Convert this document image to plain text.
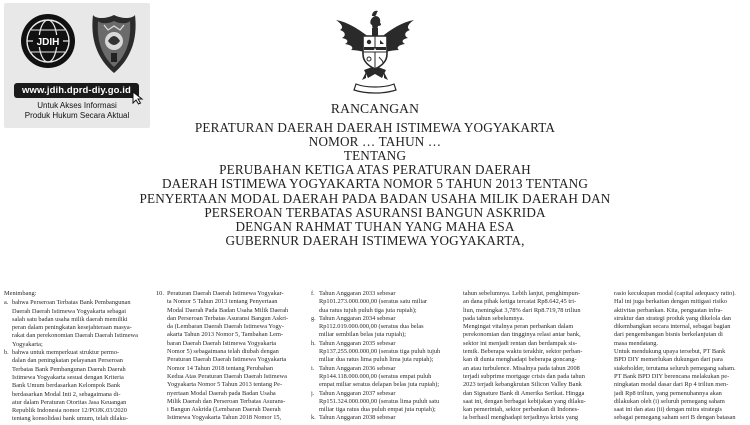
JDIH
www.jdih.dprd-diy.go.id
Untuk Akses Informasi
Produk Hukum Secara Aktual	RANCANGAN
PERATURAN DAERAH DAERAH ISTIMEWA YOGYAKARTA
NOMOR … TAHUN …
TENTANG
PERUBAHAN KETIGA ATAS PERATURAN DAERAH
DAERAH ISTIMEWA YOGYAKARTA NOMOR 5 TAHUN 2013 TENTANG
PENYERTAAN MODAL DAERAH PADA BADAN USAHA MILIK DAERAH DAN
PERSEROAN TERBATAS ASURANSI BANGUN ASKRIDA
DENGAN RAHMAT TUHAN YANG MAHA ESA
GUBERNUR DAERAH ISTIMEWA YOGYAKARTA,

Menimbang:

a. bahwa Perseroan Terbatas Bank Pembangunan

Daerah Daerah Istimewa Yogyakarta sebagai

salah satu badan usaha milik daerah memiliki

peran dalam peningkatan kesejahteraan masya-

rakat dan perekonomian Daerah Daerah Istimewa

Yogyakarta;

b. bahwa untuk memperkuat struktur permo-

dalan dan peningkatan pelayanan Perseroan

Terbatas Bank Pembangunan Daerah Daerah

Istimewa Yogyakarta sesuai dengan Kriteria

Bank Umum berdasarkan Kelompok Bank

berdasarkan Modal Inti 2, sebagaimana di-

atur dalam Peraturan Otoritas Jasa Keuangan

Republik Indonesia nomor 12/POJK.03/2020

tentang konsolidasi bank umum, telah dilaku-

10. Peraturan Daerah Daerah Istimewa Yogyakar-

ta Nomor 5 Tahun 2013 tentang Penyertaan

Modal Daerah Pada Badan Usaha Milik Daerah

dan Perseroan Terbatas Asuransi Bangun Askri-

da (Lembaran Daerah Daerah Istimewa Yogy-

akarta Tahun 2013 Nomor 5, Tambahan Lem-

baran Daerah Daerah Istimewa Yogyakarta

Nomor 5) sebagaimana telah diubah dengan

Peraturan Daerah Daerah Istimewa Yogyakarta

Nomor 14 Tahun 2018 tentang Perubahan

Kedua Atas Peraturan Daerah Daerah Istimewa

Yogyakarta Nomor 5 Tahun 2013 tentang Pe-

nyertaan Modal Daerah pada Badan Usaha

Milik Daerah dan Perseroan Terbatas Asurans-

i Bangun Askrida (Lembaran Daerah Daerah

Istimewa Yogyakarta Tahun 2018 Nomor 15,

f. Tahun Anggaran 2033 sebesar

Rp101.273.000.000,00 (seratus satu miliar

dua ratus tujuh puluh tiga juta rupiah);

g. Tahun Anggaran 2034 sebesar

Rp112.019.000.000,00 (seratus dua belas

miliar sembilan belas juta rupiah);

h. Tahun Anggaran 2035 sebesar

Rp137.255.000.000,00 (seratus tiga puluh tujuh

miliar dua ratus lima puluh lima juta rupiah);

i. Tahun Anggaran 2036 sebesar

Rp144.118.000.000,00 (seratus empat puluh

empat miliar seratus delapan belas juta rupiah);

j. Tahun Anggaran 2037 sebesar

Rp151.324.000.000,00 (seratus lima puluh satu

miliar tiga ratus dua puluh empat juta rupiah);

k. Tahun Anggaran 2038 sebesar

tahun sebelumnya. Lebih lanjut, penghimpun-

an dana pihak ketiga tercatat Rp8.642,45 tri-

liun, meningkat 3,78% dari Rp8.719,78 triliun

pada tahun sebelumnya.

Mengingat vitalnya peran perbankan dalam

perekonomian dan tingginya relasi antar bank,

sektor ini menjadi rentan dan berdampak sis-

temik. Beberapa waktu terakhir, sektor perban-

kan di dunia menghadapi beberapa goncang-

an atau turbulence. Misalnya pada tahun 2008

terjadi subprime mortgage crisis dan pada tahun

2023 terjadi kebangkrutan Silicon Valley Bank

dan Signature Bank di Amerika Serikat. Hingga

saat ini, dengan berbagai kebijakan yang dilaku-

kan pemerintah, sektor perbankan di Indones-

ia berhasil menghadapi terjadinya krisis yang

rasio kecukupan modal (capital adequacy ratio).

Hal ini juga berkaitan dengan mitigasi risiko

aktivitas perbankan. Kita, penguatan infra-

struktur dan strategi produk yang dikelola dan

dikembangkan secara internal, sebagai bagian

dari pengembangan bisnis berkelanjutan di

masa mendatang.

Untuk mendukung upaya tersebut, PT Bank

BPD DIY memerlukan dukungan dari para

stakeholder, terutama seluruh pemegang saham.

PT Bank BPD DIY berencana melakukan pe-

ningkatan modal dasar dari Rp 4 triliun men-

jadi Rp8 triliun, yang pemenuhannya akan

dilakukan oleh (i) seluruh pemegang saham

saat ini dan atau (ii) dengan mitra strategis

sebagai pemegang saham seri B dengan batasan
